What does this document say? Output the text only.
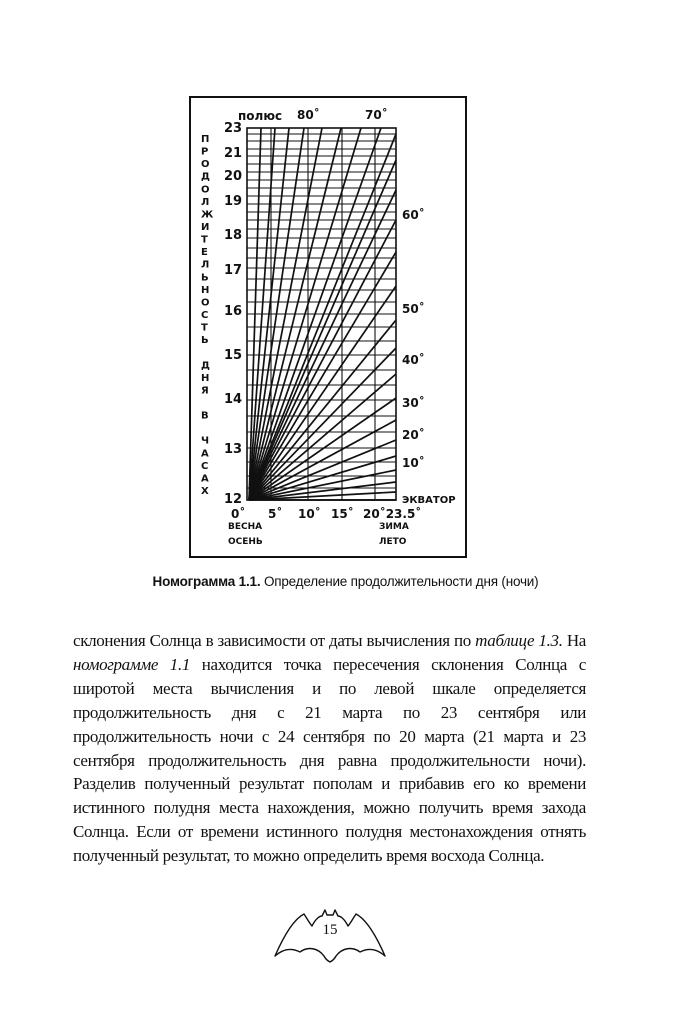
полюс 80˚	70˚
П
Р
О
Д
О
Л
Ж
И
Т
Е
Л
Ь
Н
О
С
Т
Ь
Д
Н
Я
В
Ч
А
С
А
Х
23
21
20
19
18
17
16
15
14
13
12
0˚ 5˚ 10˚ 15˚ 20˚23.5˚
60˚
50˚
40˚
30˚
20˚
10˚
ЭКВАТОР
ВЕСНА
ОСЕНЬ
ЗИМА
ЛЕТО
Номограмма 1.1. Определение продолжительности дня (ночи)

склонения Солнца в зависимости от даты вычисления по таблице 1.3. На номограмме 1.1 находится точка пересечения склонения Солнца с широтой места вычисления и по левой шкале определяется продолжительность дня с 21 марта по 23 сентября или продолжительность ночи с 24 сентября по 20 марта (21 марта и 23 сентября продолжительность дня равна продолжительности ночи). Разделив полученный результат пополам и прибавив его ко времени истинного полудня места нахождения, можно получить время захода Солнца. Если от времени истинного полудня местонахождения отнять полученный результат, то можно определить время восхода Солнца.

15
